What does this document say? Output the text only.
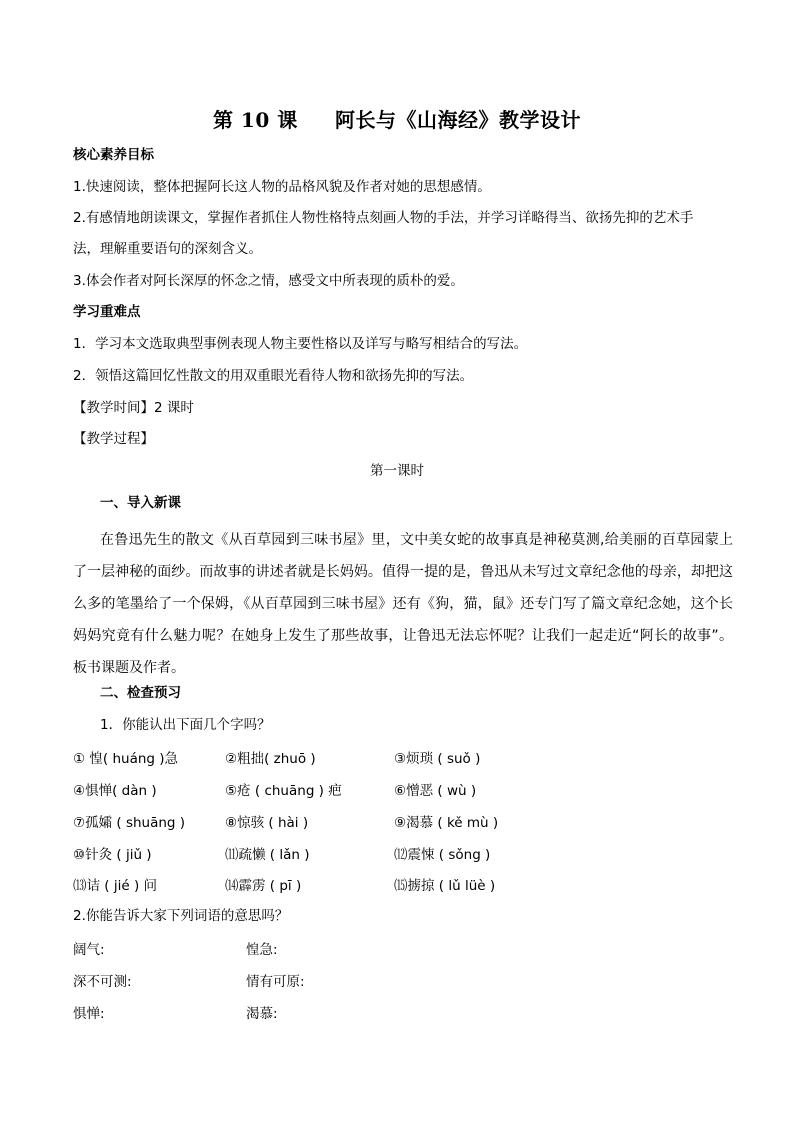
第 10 课     阿长与《山海经》教学设计
核心素养目标
1.快速阅读，整体把握阿长这人物的品格风貌及作者对她的思想感情。
2.有感情地朗读课文，掌握作者抓住人物性格特点刻画人物的手法，并学习详略得当、欲扬先抑的艺术手
法，理解重要语句的深刻含义。
3.体会作者对阿长深厚的怀念之情，感受文中所表现的质朴的爱。
学习重难点
1．学习本文选取典型事例表现人物主要性格以及详写与略写相结合的写法。
2．领悟这篇回忆性散文的用双重眼光看待人物和欲扬先抑的写法。
【教学时间】2 课时
【教学过程】
第一课时
一、导入新课
在鲁迅先生的散文《从百草园到三味书屋》里，文中美女蛇的故事真是神秘莫测,给美丽的百草园蒙上了一层神秘的面纱。而故事的讲述者就是长妈妈。值得一提的是，鲁迅从未写过文章纪念他的母亲，却把这么多的笔墨给了一个保姆，《从百草园到三味书屋》还有《狗，猫，鼠》还专门写了篇文章纪念她，这个长妈妈究竟有什么魅力呢？在她身上发生了那些故事，让鲁迅无法忘怀呢？让我们一起走近“阿长的故事”。 板书课题及作者。
二、检查预习
1．你能认出下面几个字吗？
① 惶( huáng )急	②粗拙( zhuō )	③烦琐 ( suǒ )
④惧惮( dàn )	⑤疮 ( chuāng ) 疤	⑥憎恶 ( wù )
⑦孤孀 ( shuāng )	⑧惊骇 ( hài )	⑨渴慕 ( kě mù )
⑩针灸 ( jiǔ )	⑾疏懒 ( lǎn )	⑿震悚 ( sǒng )
⒀诘 ( jié ) 问	⒁霹雳 ( pī )	⒂掳掠 ( lǔ lüè )
2.你能告诉大家下列词语的意思吗？
阔气:	惶急:
深不可测:	情有可原:
惧惮:	渴慕:
